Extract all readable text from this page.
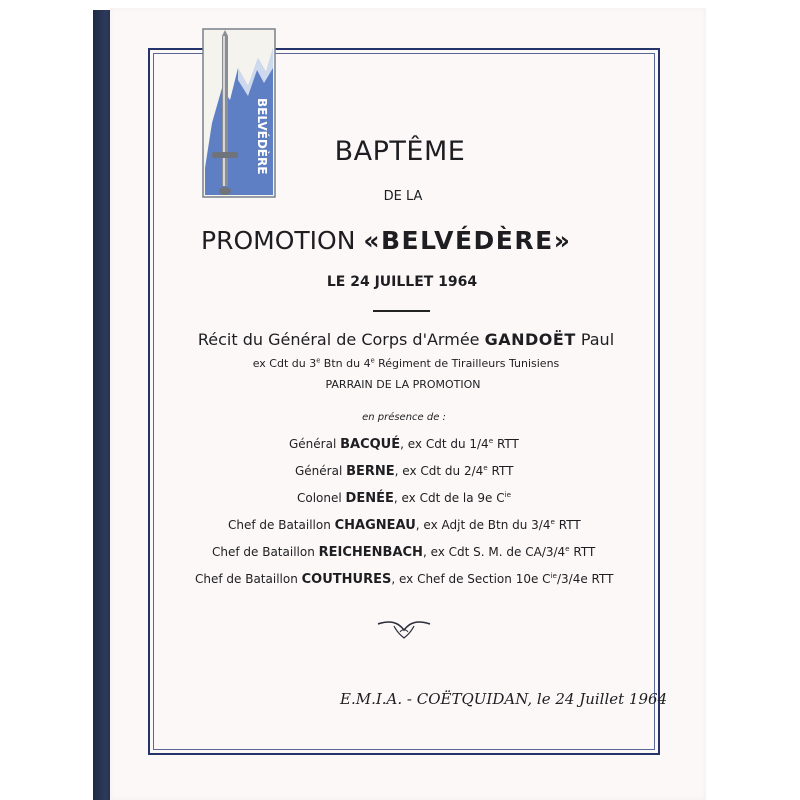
BELVÉDÈRE BAPTÊME
DE LA
PROMOTION «BELVÉDÈRE»
LE 24 JUILLET 1964
Récit du Général de Corps d'Armée GANDOËT Paul
ex Cdt du 3e Btn du 4e Régiment de Tirailleurs Tunisiens
PARRAIN DE LA PROMOTION
en présence de :
Général BACQUÉ, ex Cdt du 1/4e RTT
Général BERNE, ex Cdt du 2/4e RTT
Colonel DENÉE, ex Cdt de la 9e $C^{ie}$
Chef de Bataillon CHAGNEAU, ex Adjt de Btn du 3/4e RTT
Chef de Bataillon REICHENBACH, ex Cdt S. M. de CA/3/4e RTT
Chef de Bataillon COUTHURES, ex Chef de Section 10e $C^{ie}/3/4e$ RTT
E.M.I.A. - COËTQUIDAN, le 24 Juillet 1964
